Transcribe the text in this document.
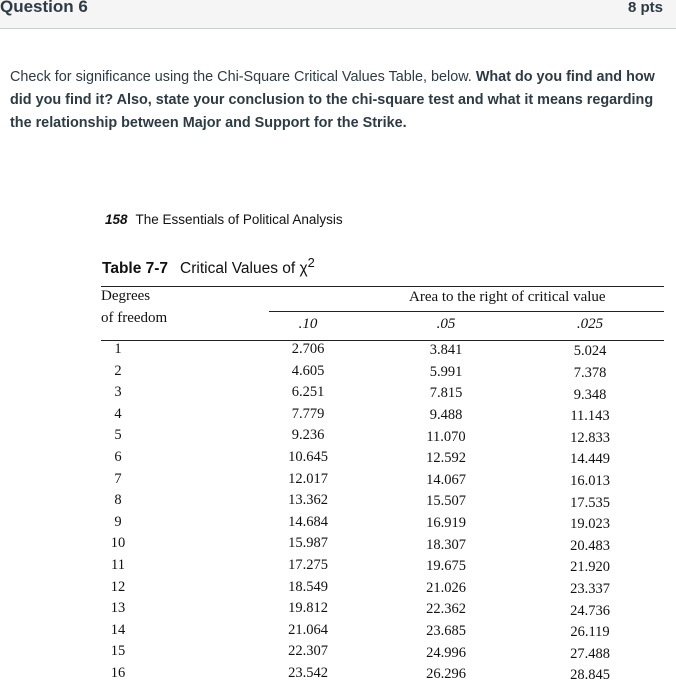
Question 6	8 pts
Check for significance using the Chi-Square Critical Values Table, below. What do you find and how did you find it? Also, state your conclusion to the chi-square test and what it means regarding the relationship between Major and Support for the Strike.
158 The Essentials of Political Analysis
Table 7-7 Critical Values of $\chi^2$
Degrees
of freedom
Area to the right of critical value
.10	.05	.025
1	2.706	3.841	5.024
2	4.605	5.991	7.378
3	6.251	7.815	9.348
4	7.779	9.488	11.143
5	9.236	11.070	12.833
6	10.645	12.592	14.449
7	12.017	14.067	16.013
8	13.362	15.507	17.535
9	14.684	16.919	19.023
10	15.987	18.307	20.483
11	17.275	19.675	21.920
12	18.549	21.026	23.337
13	19.812	22.362	24.736
14	21.064	23.685	26.119
15	22.307	24.996	27.488
16	23.542	26.296	28.845
